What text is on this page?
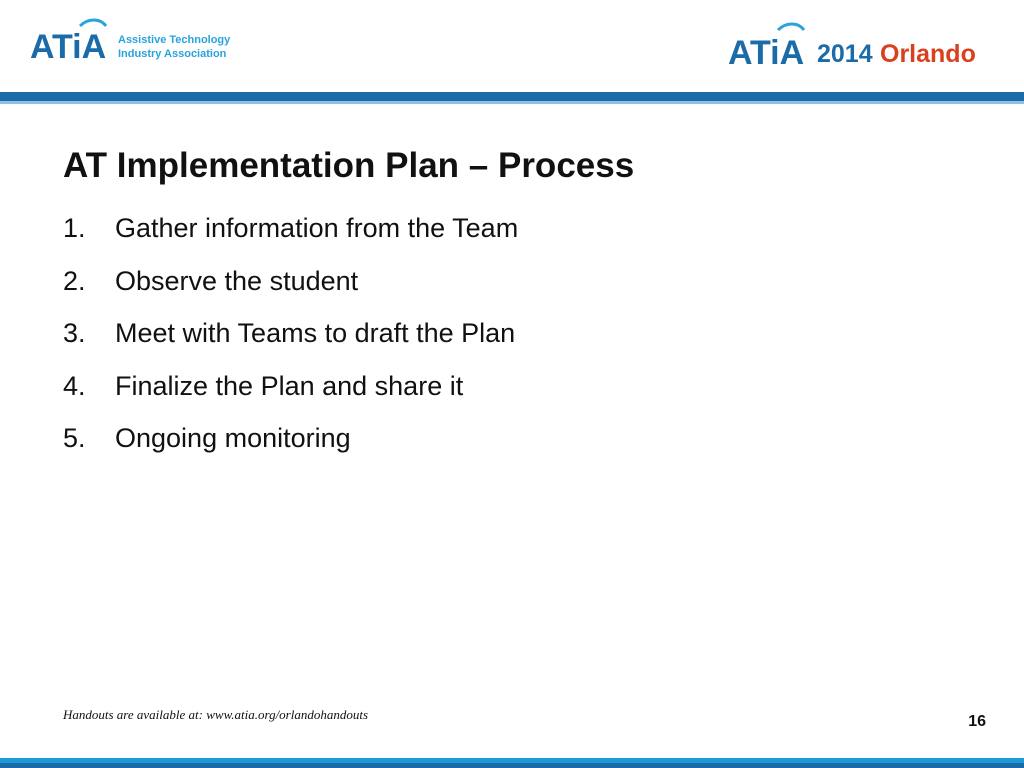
ATiA Assistive Technology
Industry Association	ATiA 2014 Orlando
AT Implementation Plan – Process
1.	Gather information from the Team
2.	Observe the student
3.	Meet with Teams to draft the Plan
4.	Finalize the Plan and share it
5.	Ongoing monitoring
Handouts are available at: www.atia.org/orlandohandouts	16
